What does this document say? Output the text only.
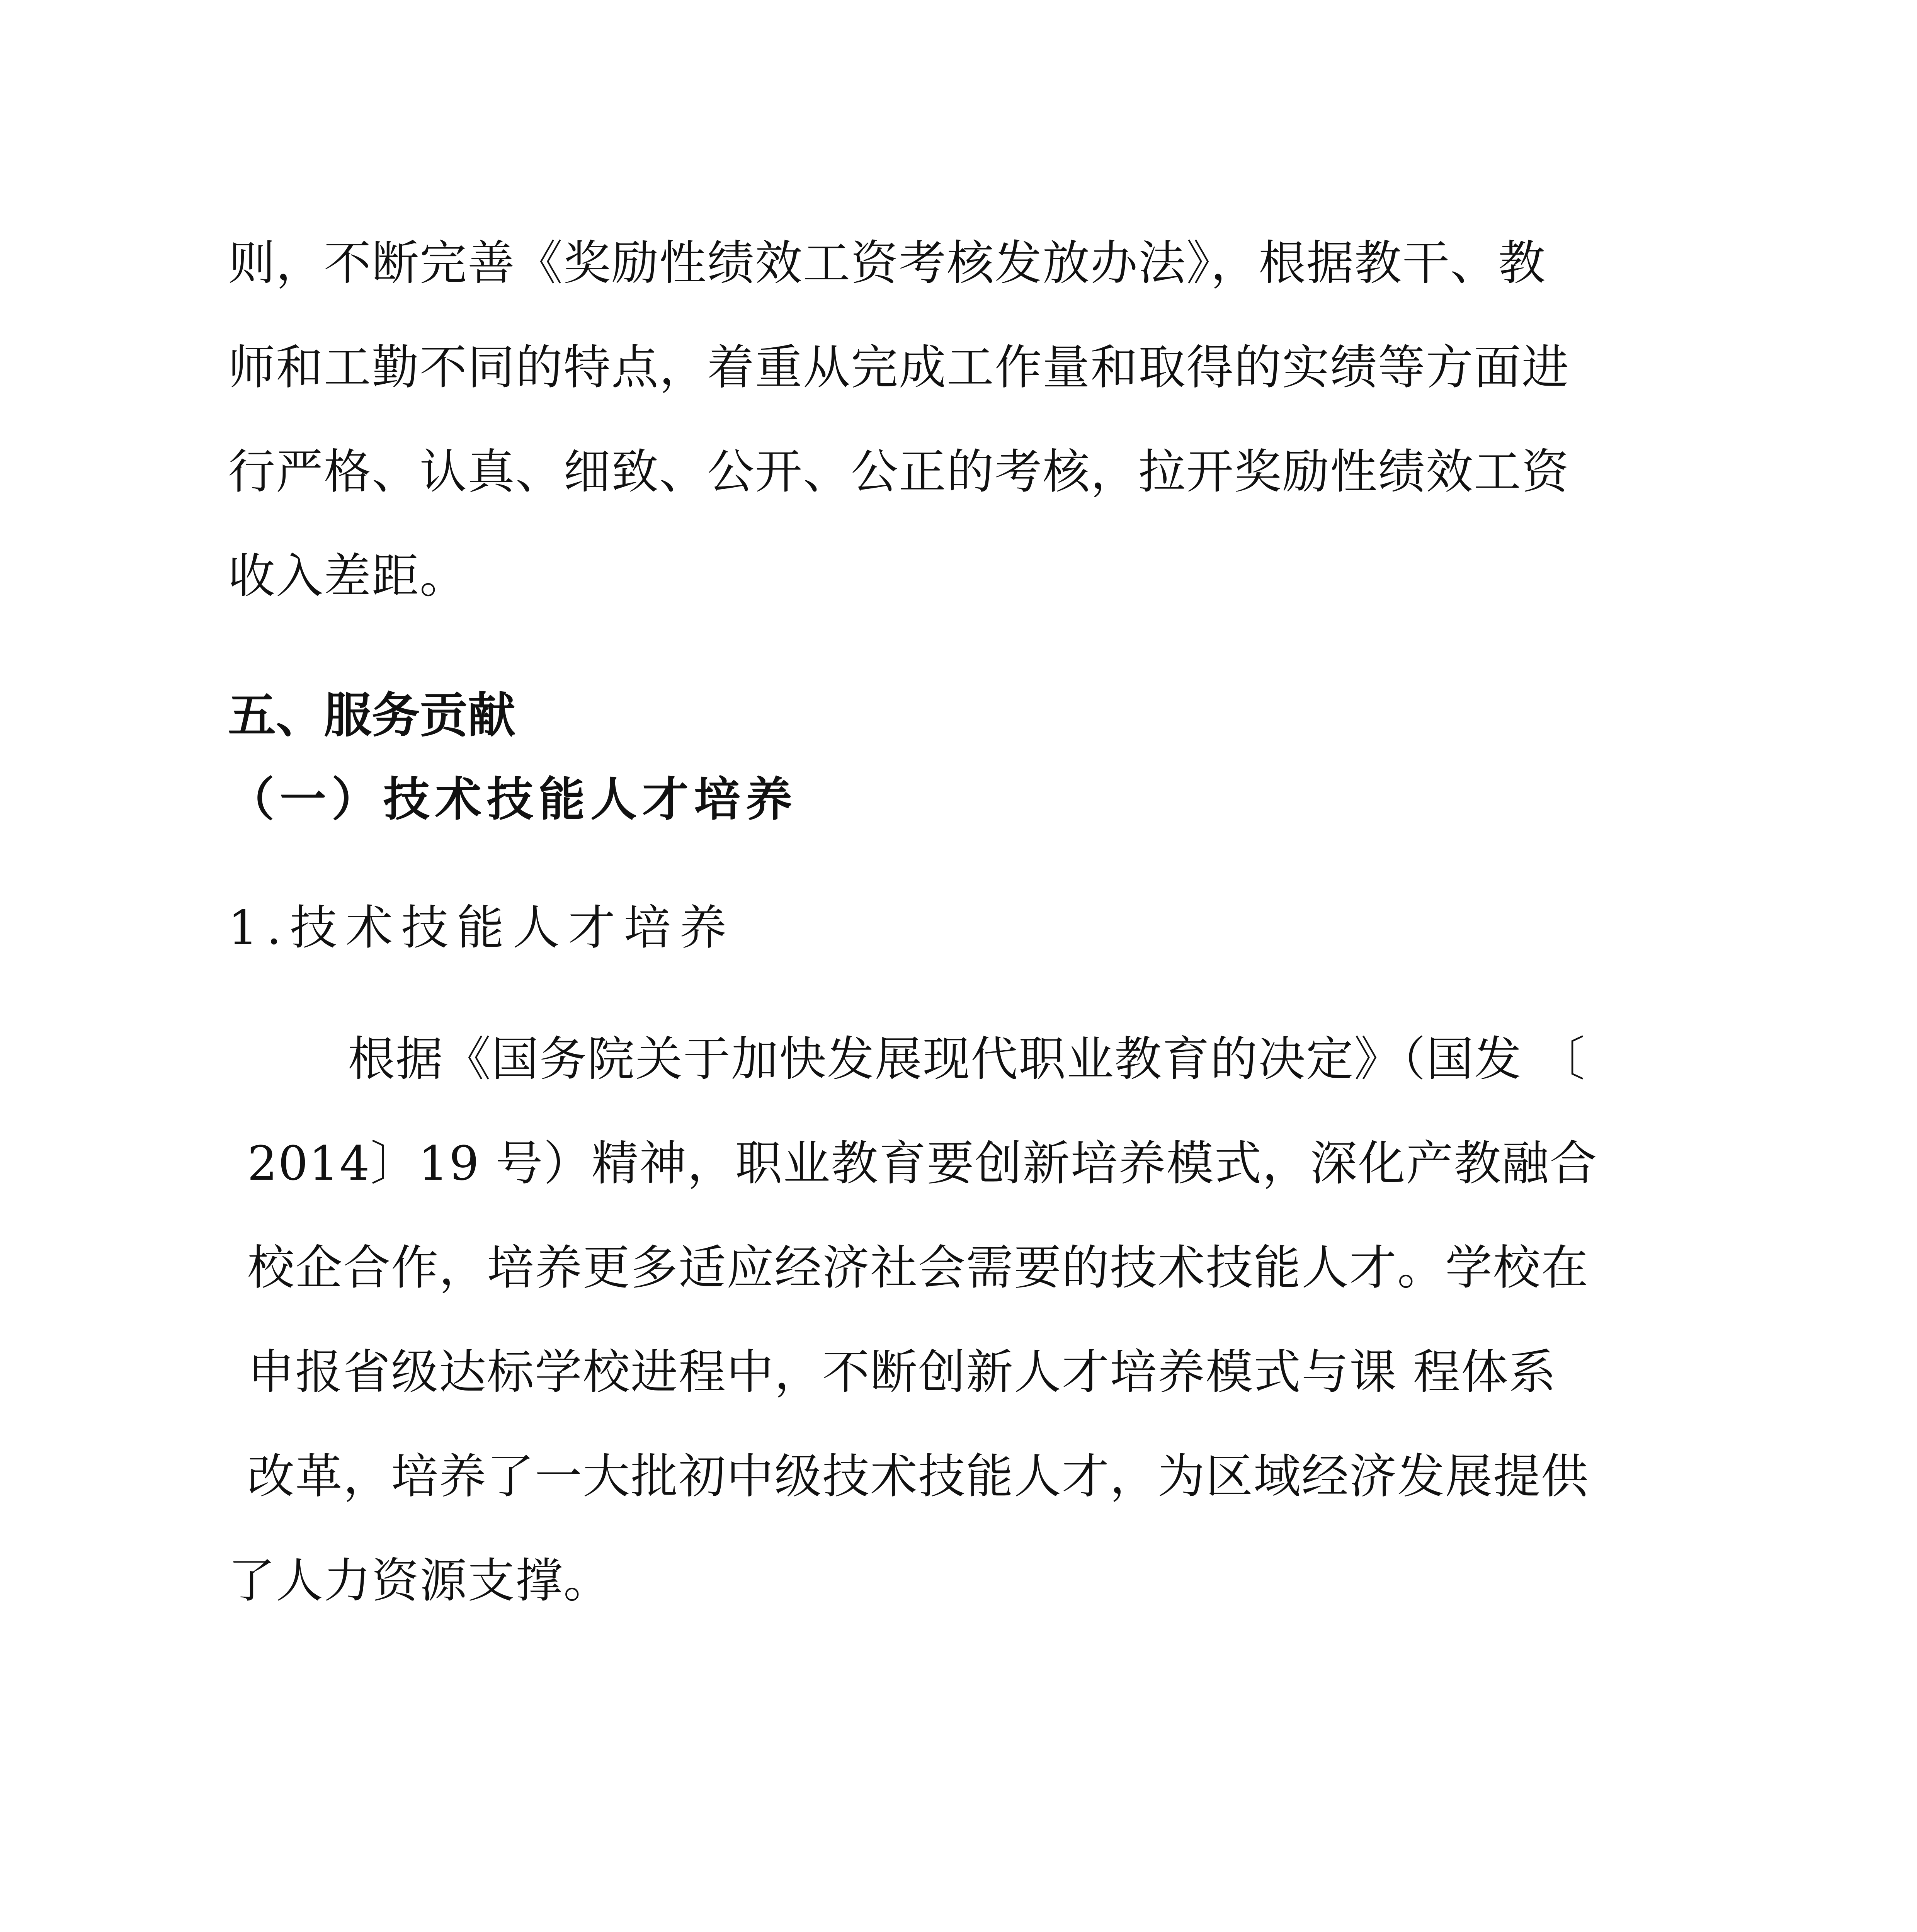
则，不断完善《奖励性绩效工资考核发放办法》，根据教干、教
师和工勤不同的特点，着重从完成工作量和取得的实绩等方面进
行严格、认真、细致、公开、公正的考核，拉开奖励性绩效工资
收入差距。
五、服务贡献
（一）技术技能人才培养
1.技术技能人才培养
根据《国务院关于加快发展现代职业教育的决定》（国发 〔
2014〕19 号）精神，职业教育要创新培养模式，深化产教融合
校企合作，培养更多适应经济社会需要的技术技能人才。学校在
申报省级达标学校进程中，不断创新人才培养模式与课 程体系
改革，培养了一大批初中级技术技能人才，为区域经济发展提供
了人力资源支撑。
